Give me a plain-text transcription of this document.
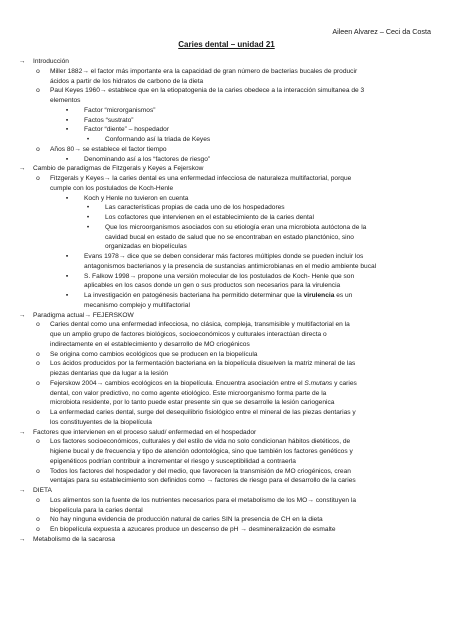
Aileen Alvarez – Ceci da Costa
Caries dental – unidad 21
→ Introducción
o	Miller 1882→ el factor más importante era la capacidad de gran número de bacterias bucales de producir
ácidos a partir de los hidratos de carbono de la dieta
o	Paul Keyes 1960→ establece que en la etiopatogenia de la caries obedece a la interacción simultanea de 3
elementos
▪	Factor “microrganismos”
▪	Factos “sustrato”
▪	Factor “diente” – hospedador
•	Conformando así la triada de Keyes
o	Años 80→ se establece el factor tiempo
▪	Denominando así a los “factores de riesgo”
→ Cambio de paradigmas de Fitzgerals y Keyes a Fejerskow
o	Fitzgerals y Keyes→ la caries dental es una enfermedad infecciosa de naturaleza multifactorial, porque
cumple con los postulados de Koch-Henle
▪	Koch y Henle no tuvieron en cuenta
•	Las características propias de cada uno de los hospedadores
•	Los cofactores que intervienen en el establecimiento de la caries dental
•	Que los microorganismos asociados con su etiología eran una microbiota autóctona de la
cavidad bucal en estado de salud que no se encontraban en estado planctónico, sino
organizadas en biopelículas
▪	Evans 1978→ dice que se deben considerar más factores múltiples donde se pueden incluir los
antagonismos bacterianos y la presencia de sustancias antimicrobianas en el medio ambiente bucal
▪	S. Falkow 1998→ propone una versión molecular de los postulados de Koch- Henle que son
aplicables en los casos donde un gen o sus productos son necesarios para la virulencia
▪	La investigación en patogénesis bacteriana ha permitido determinar que la virulencia es un
mecanismo complejo y multifactorial
→ Paradigma actual→ FEJERSKOW
o	Caries dental como una enfermedad infecciosa, no clásica, compleja, transmisible y multifactorial en la
que un amplio grupo de factores biológicos, socioeconómicos y culturales interactúan directa o
indirectamente en el establecimiento y desarrollo de MO criogénicos
o	Se origina como cambios ecológicos que se producen en la biopelícula
o	Los ácidos producidos por la fermentación bacteriana en la biopelícula disuelven la matriz mineral de las
piezas dentarias que da lugar a la lesión
o	Fejerskow 2004→ cambios ecológicos en la biopelícula. Encuentra asociación entre el S.mutans y caries
dental, con valor predictivo, no como agente etiológico. Este microorganismo forma parte de la
microbiota residente, por lo tanto puede estar presente sin que se desarrolle la lesión cariogenica
o	La enfermedad caries dental, surge del desequilibrio fisiológico entre el mineral de las piezas dentarias y
los constituyentes de la biopelícula
→ Factores que intervienen en el proceso salud/ enfermedad en el hospedador
o	Los factores socioeconómicos, culturales y del estilo de vida no solo condicionan hábitos dietéticos, de
higiene bucal y de frecuencia y tipo de atención odontológica, sino que también los factores genéticos y
epigenéticos podrían contribuir a incrementar el riesgo y susceptibilidad a contraerla
o	Todos los factores del hospedador y del medio, que favorecen la transmisión de MO criogénicos, crean
ventajas para su establecimiento son definidos como → factores de riesgo para el desarrollo de la caries
→ DIETA
o	Los alimentos son la fuente de los nutrientes necesarios para el metabolismo de los MO→ constituyen la
biopelícula para la caries dental
o	No hay ninguna evidencia de producción natural de caries SIN la presencia de CH en la dieta
o	En biopelícula expuesta a azucares produce un descenso de pH → desmineralización de esmalte
→ Metabolismo de la sacarosa
